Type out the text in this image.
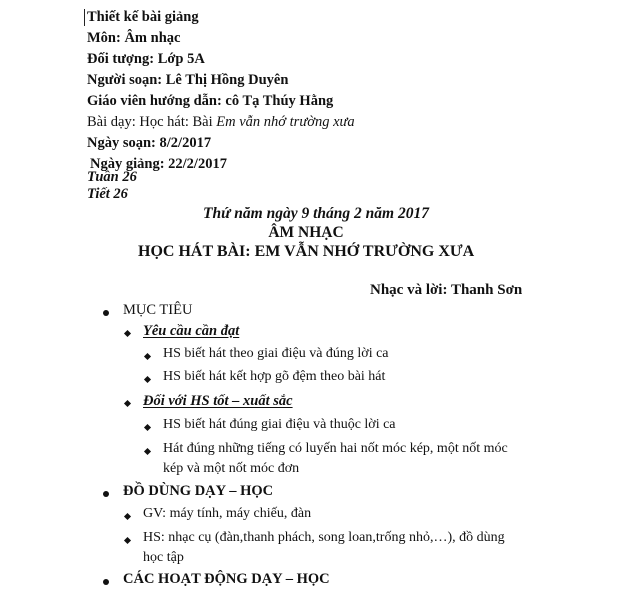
Thiết kế bài giảng
Môn: Âm nhạc
Đối tượng: Lớp 5A
Người soạn: Lê Thị Hồng Duyên
Giáo viên hướng dẫn: cô Tạ Thúy Hằng
Bài dạy: Học hát: Bài Em vẫn nhớ trường xưa
Ngày soạn: 8/2/2017
Ngày giảng: 22/2/2017
Tuần 26
Tiết 26
Thứ năm ngày 9 tháng 2 năm 2017
ÂM NHẠC
HỌC HÁT BÀI: EM VẪN NHỚ TRƯỜNG XƯA
Nhạc và lời: Thanh Sơn
MỤC TIÊU
Yêu cầu cần đạt
HS biết hát theo giai điệu và đúng lời ca
HS biết hát kết hợp gõ đệm theo bài hát
Đối với HS tốt – xuất sắc
HS biết hát đúng giai điệu và thuộc lời ca
Hát đúng những tiếng có luyến hai nốt móc kép, một nốt móc
kép và một nốt móc đơn
ĐỒ DÙNG DẠY – HỌC
GV: máy tính, máy chiếu, đàn
HS: nhạc cụ (đàn,thanh phách, song loan,trống nhỏ,…), đồ dùng
học tập
CÁC HOẠT ĐỘNG DẠY – HỌC
